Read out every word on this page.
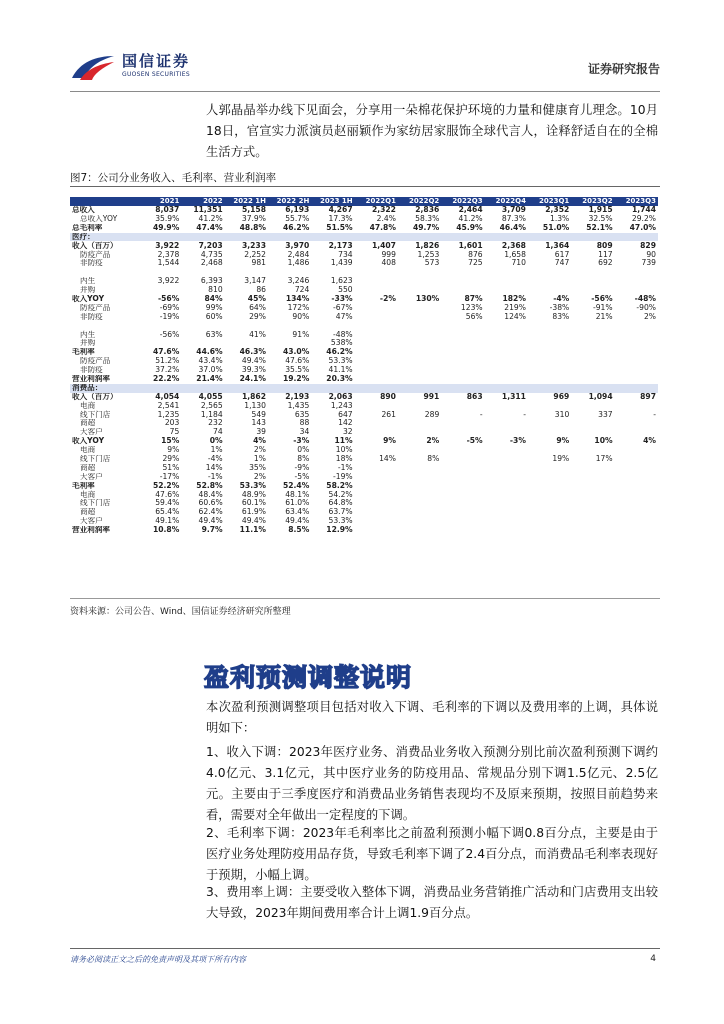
国信证券
GUOSEN SECURITIES	证券研究报告
人郭晶晶举办线下见面会，分享用一朵棉花保护环境的力量和健康育儿理念。10月18日，官宣实力派演员赵丽颖作为家纺居家服饰全球代言人，诠释舒适自在的全棉生活方式。
图7：公司分业务收入、毛利率、营业利润率
	2021	2022	2022 1H	2022 2H	2023 1H	2022Q1	2022Q2	2022Q3	2022Q4	2023Q1	2023Q2	2023Q3
总收入	8,037	11,351	5,158	6,193	4,267	2,322	2,836	2,464	3,709	2,352	1,915	1,744
总收入YOY	35.9%	41.2%	37.9%	55.7%	17.3%	2.4%	58.3%	41.2%	87.3%	1.3%	32.5%	29.2%
总毛利率	49.9%	47.4%	48.8%	46.2%	51.5%	47.8%	49.7%	45.9%	46.4%	51.0%	52.1%	47.0%
医疗：												
收入（百万）	3,922	7,203	3,233	3,970	2,173	1,407	1,826	1,601	2,368	1,364	809	829
防疫产品	2,378	4,735	2,252	2,484	734	999	1,253	876	1,658	617	117	90
非防疫	1,544	2,468	981	1,486	1,439	408	573	725	710	747	692	739

内生	3,922	6,393	3,147	3,246	1,623							
并购		810	86	724	550							
收入YOY	-56%	84%	45%	134%	-33%	-2%	130%	87%	182%	-4%	-56%	-48%
防疫产品	-69%	99%	64%	172%	-67%			123%	219%	-38%	-91%	-90%
非防疫	-19%	60%	29%	90%	47%			56%	124%	83%	21%	2%

内生	-56%	63%	41%	91%	-48%							
并购					538%							
毛利率	47.6%	44.6%	46.3%	43.0%	46.2%							
防疫产品	51.2%	43.4%	49.4%	47.6%	53.3%							
非防疫	37.2%	37.0%	39.3%	35.5%	41.1%							
营业利润率	22.2%	21.4%	24.1%	19.2%	20.3%							
消费品：												
收入（百万）	4,054	4,055	1,862	2,193	2,063	890	991	863	1,311	969	1,094	897
电商	2,541	2,565	1,130	1,435	1,243							
线下门店	1,235	1,184	549	635	647	261	289	-	-	310	337	-
商超	203	232	143	88	142							
大客户	75	74	39	34	32							
收入YOY	15%	0%	4%	-3%	11%	9%	2%	-5%	-3%	9%	10%	4%
电商	9%	1%	2%	0%	10%							
线下门店	29%	-4%	1%	8%	18%	14%	8%			19%	17%	
商超	51%	14%	35%	-9%	-1%							
大客户	-17%	-1%	2%	-5%	-19%							
毛利率	52.2%	52.8%	53.3%	52.4%	58.2%							
电商	47.6%	48.4%	48.9%	48.1%	54.2%							
线下门店	59.4%	60.6%	60.1%	61.0%	64.8%							
商超	65.4%	62.4%	61.9%	63.4%	63.7%							
大客户	49.1%	49.4%	49.4%	49.4%	53.3%							
营业利润率	10.8%	9.7%	11.1%	8.5%	12.9%							
资料来源：公司公告、Wind、国信证券经济研究所整理
盈利预测调整说明
本次盈利预测调整项目包括对收入下调、毛利率的下调以及费用率的上调，具体说明如下：
1、收入下调：2023年医疗业务、消费品业务收入预测分别比前次盈利预测下调约4.0亿元、3.1亿元，其中医疗业务的防疫用品、常规品分别下调1.5亿元、2.5亿元。主要由于三季度医疗和消费品业务销售表现均不及原来预期，按照目前趋势来看，需要对全年做出一定程度的下调。
2、毛利率下调：2023年毛利率比之前盈利预测小幅下调0.8百分点，主要是由于医疗业务处理防疫用品存货，导致毛利率下调了2.4百分点，而消费品毛利率表现好于预期，小幅上调。
3、费用率上调：主要受收入整体下调，消费品业务营销推广活动和门店费用支出较大导致，2023年期间费用率合计上调1.9百分点。
请务必阅读正文之后的免责声明及其项下所有内容	4
